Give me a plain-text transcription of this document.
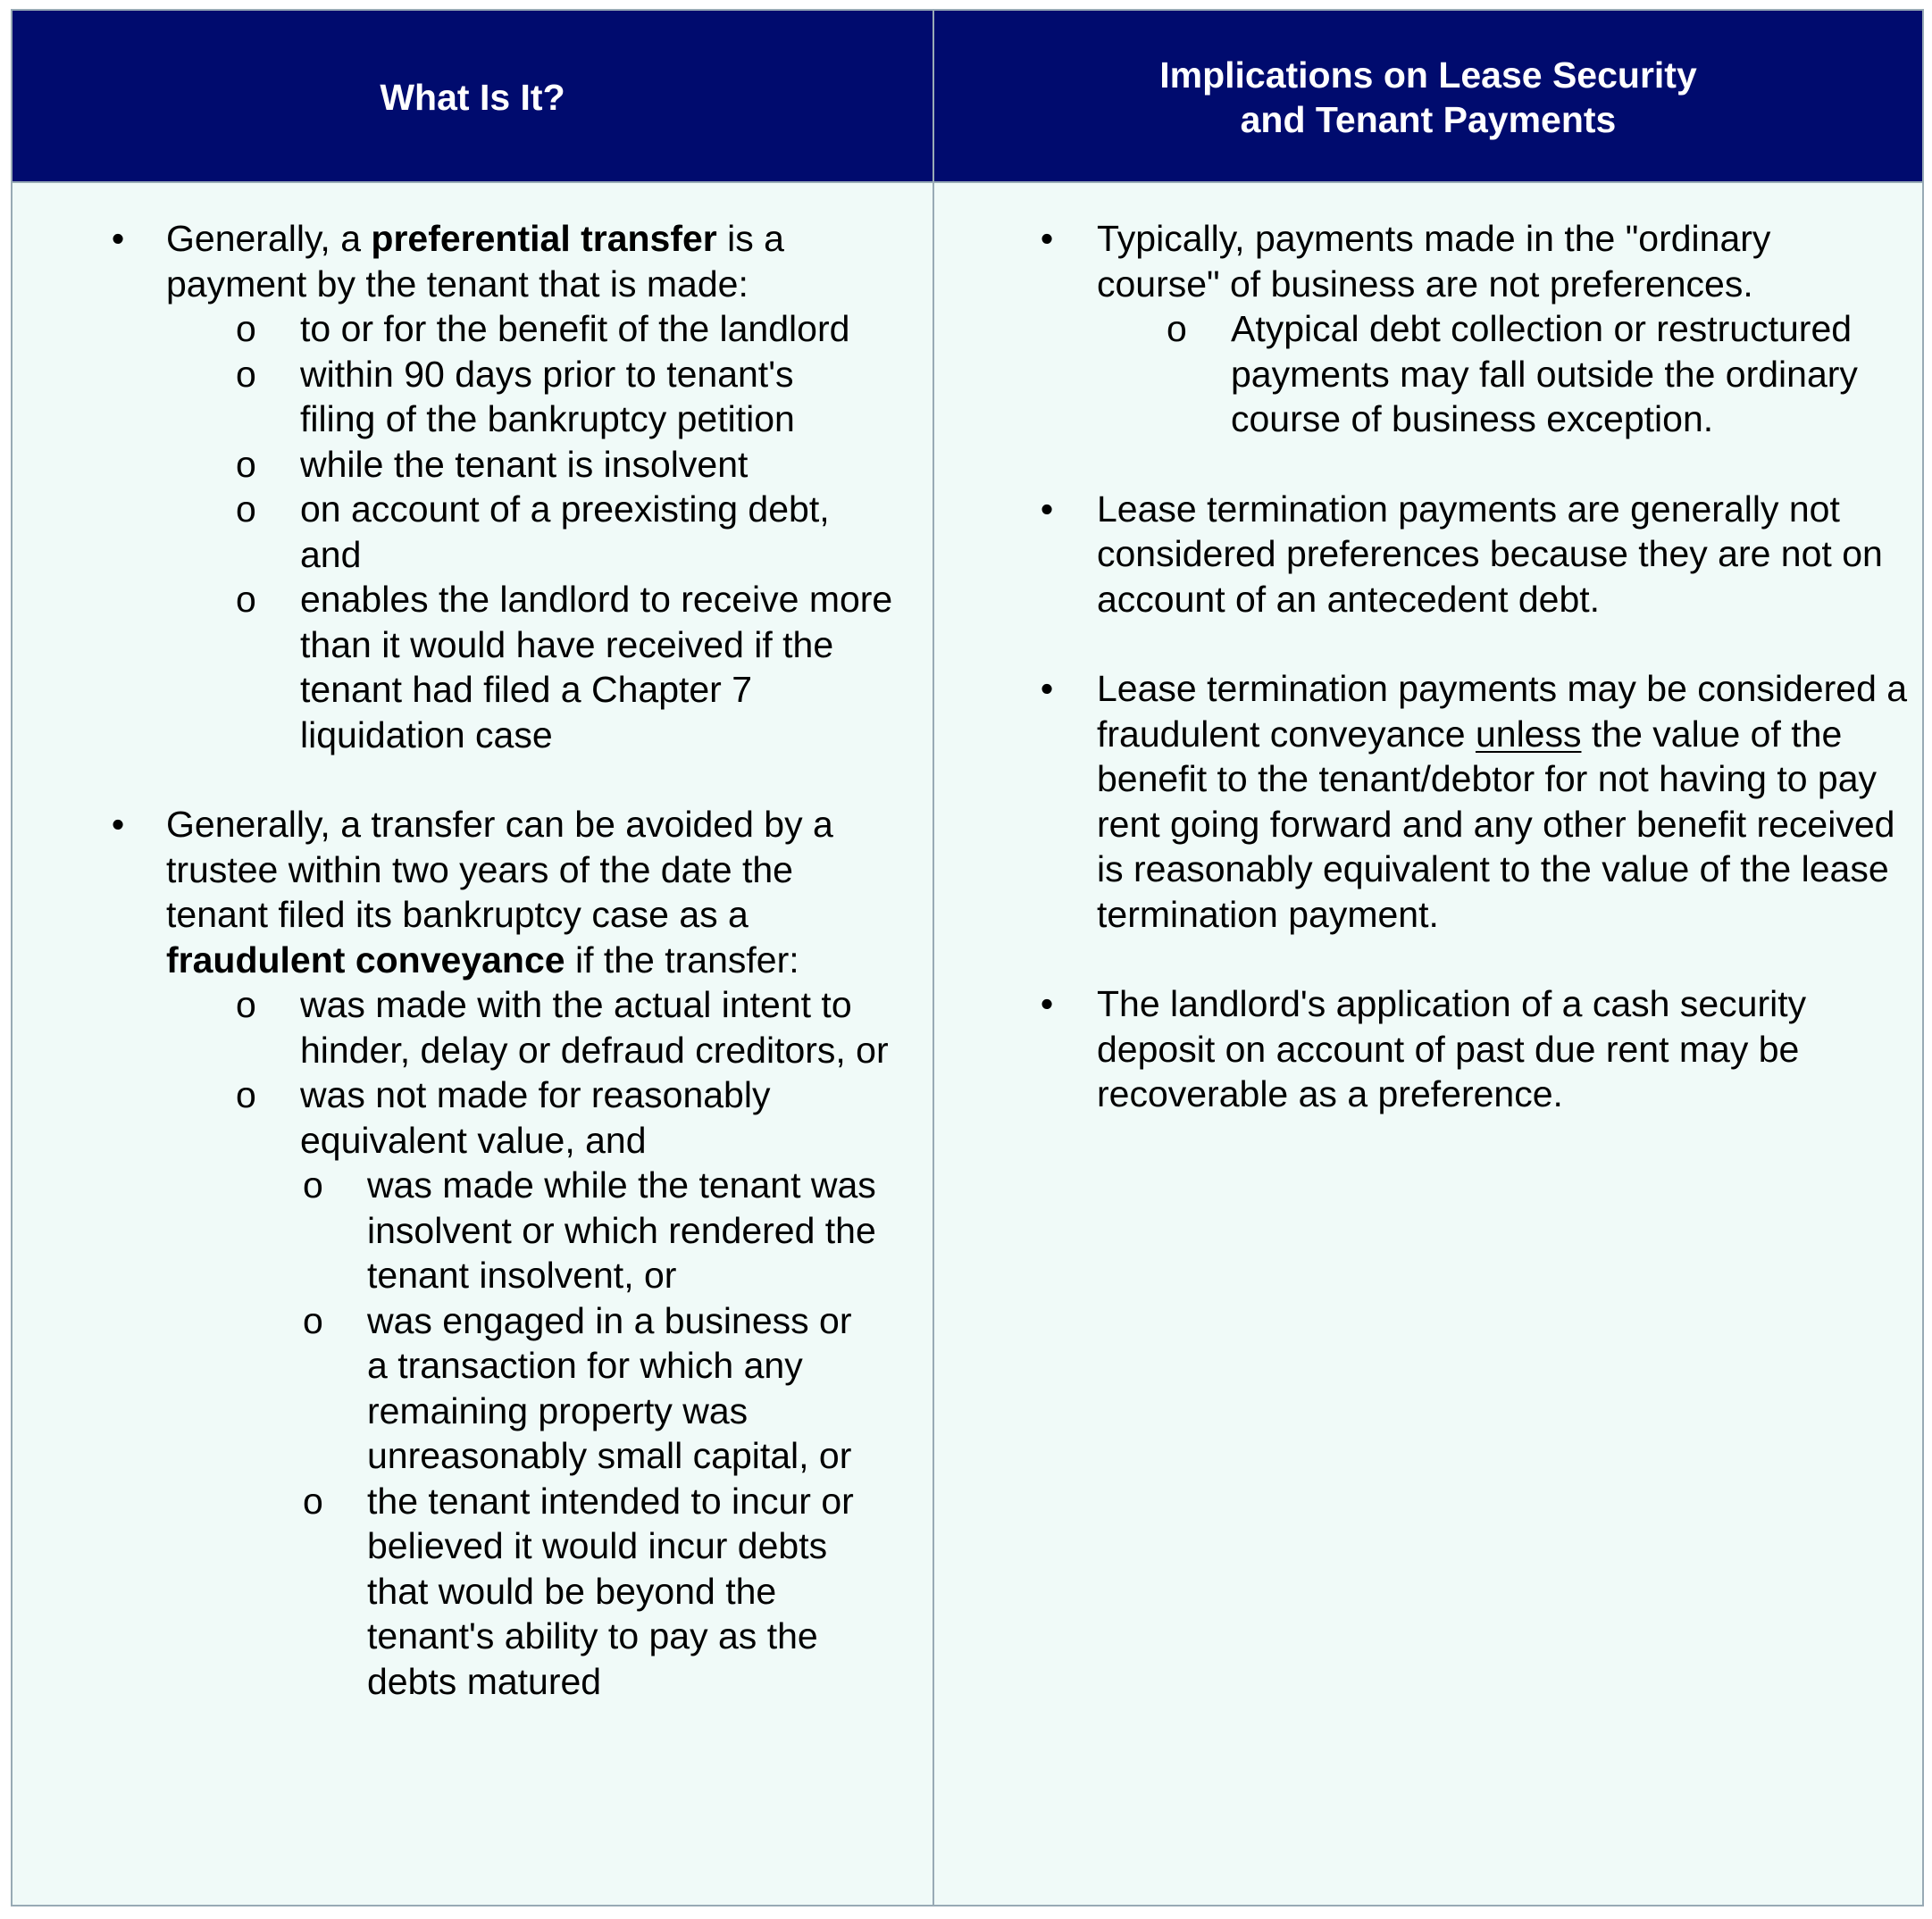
What Is It?
Implications on Lease Security
and Tenant Payments
• Generally, a preferential transfer is a payment by the tenant that is made:
o to or for the benefit of the landlord
o within 90 days prior to tenant's filing of the bankruptcy petition
o while the tenant is insolvent
o on account of a preexisting debt, and
o enables the landlord to receive more than it would have received if the tenant had filed a Chapter 7 liquidation case
• Generally, a transfer can be avoided by a trustee within two years of the date the tenant filed its bankruptcy case as a fraudulent conveyance if the transfer:
o was made with the actual intent to hinder, delay or defraud creditors, or
o was not made for reasonably equivalent value, and
o was made while the tenant was insolvent or which rendered the tenant insolvent, or
o was engaged in a business or a transaction for which any remaining property was unreasonably small capital, or
o the tenant intended to incur or believed it would incur debts that would be beyond the tenant's ability to pay as the debts matured
• Typically, payments made in the "ordinary course" of business are not preferences.
o Atypical debt collection or restructured payments may fall outside the ordinary course of business exception.
• Lease termination payments are generally not considered preferences because they are not on account of an antecedent debt.
• Lease termination payments may be considered a fraudulent conveyance unless the value of the benefit to the tenant/debtor for not having to pay rent going forward and any other benefit received is reasonably equivalent to the value of the lease termination payment.
• The landlord's application of a cash security deposit on account of past due rent may be recoverable as a preference.
